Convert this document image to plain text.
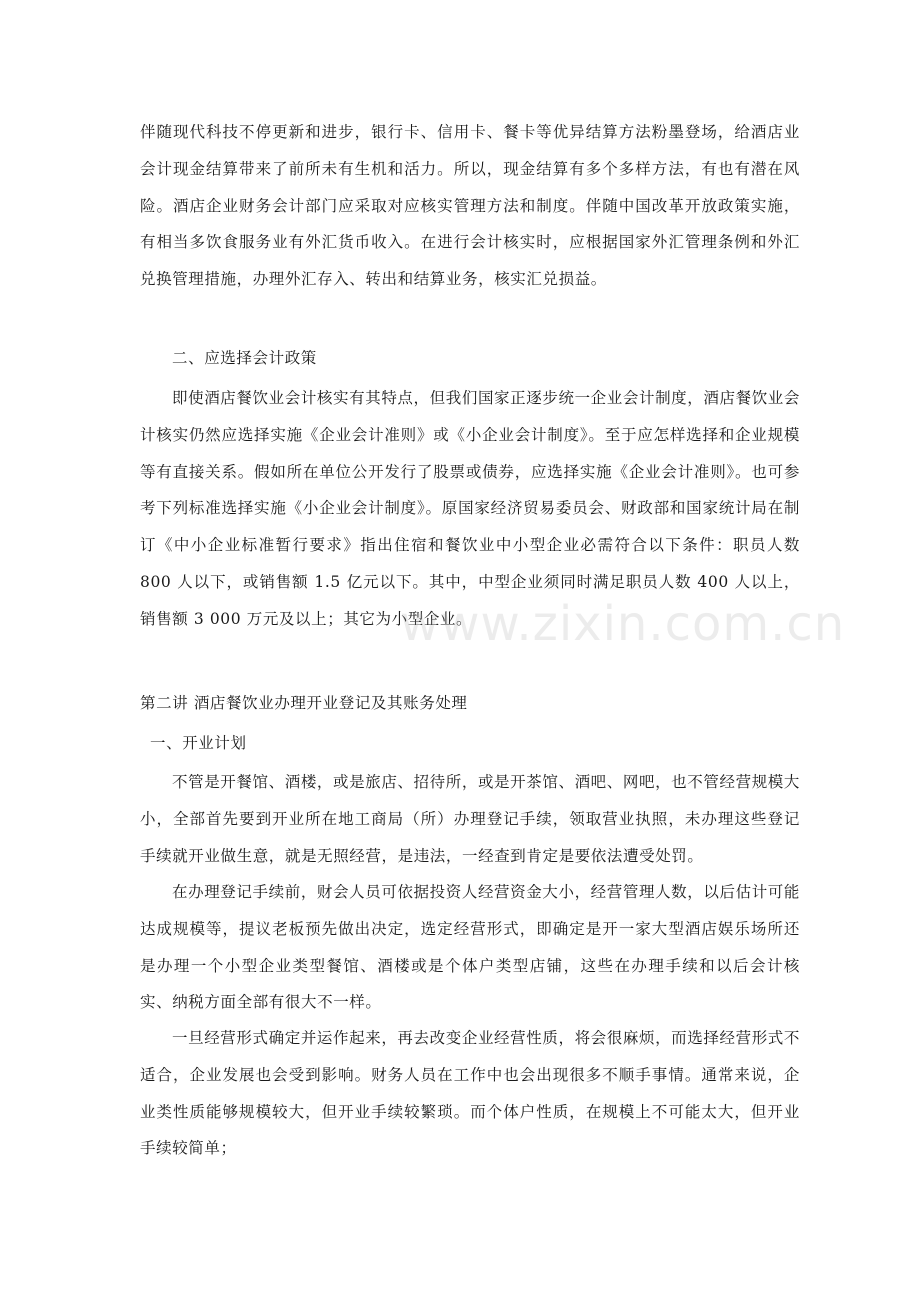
伴随现代科技不停更新和进步，银行卡、信用卡、餐卡等优异结算方法粉墨登场，给酒店业会计现金结算带来了前所未有生机和活力。所以，现金结算有多个多样方法，有也有潜在风险。酒店企业财务会计部门应采取对应核实管理方法和制度。伴随中国改革开放政策实施，有相当多饮食服务业有外汇货币收入。在进行会计核实时，应根据国家外汇管理条例和外汇兑换管理措施，办理外汇存入、转出和结算业务，核实汇兑损益。

二、应选择会计政策

即使酒店餐饮业会计核实有其特点，但我们国家正逐步统一企业会计制度，酒店餐饮业会计核实仍然应选择实施《企业会计准则》或《小企业会计制度》。至于应怎样选择和企业规模等有直接关系。假如所在单位公开发行了股票或债券，应选择实施《企业会计准则》。也可参考下列标准选择实施《小企业会计制度》。原国家经济贸易委员会、财政部和国家统计局在制订《中小企业标准暂行要求》指出住宿和餐饮业中小型企业必需符合以下条件：职员人数 800 人以下，或销售额 1.5 亿元以下。其中，中型企业须同时满足职员人数 400 人以上，销售额 3 000 万元及以上；其它为小型企业。

www.zixin.com.cn

第二讲 酒店餐饮业办理开业登记及其账务处理

一、开业计划

不管是开餐馆、酒楼，或是旅店、招待所，或是开茶馆、酒吧、网吧，也不管经营规模大小，全部首先要到开业所在地工商局（所）办理登记手续，领取营业执照，未办理这些登记手续就开业做生意，就是无照经营，是违法，一经查到肯定是要依法遭受处罚。

在办理登记手续前，财会人员可依据投资人经营资金大小，经营管理人数，以后估计可能达成规模等，提议老板预先做出决定，选定经营形式，即确定是开一家大型酒店娱乐场所还是办理一个小型企业类型餐馆、酒楼或是个体户类型店铺，这些在办理手续和以后会计核实、纳税方面全部有很大不一样。

一旦经营形式确定并运作起来，再去改变企业经营性质，将会很麻烦，而选择经营形式不适合，企业发展也会受到影响。财务人员在工作中也会出现很多不顺手事情。通常来说，企业类性质能够规模较大，但开业手续较繁琐。而个体户性质，在规模上不可能太大，但开业手续较简单；
